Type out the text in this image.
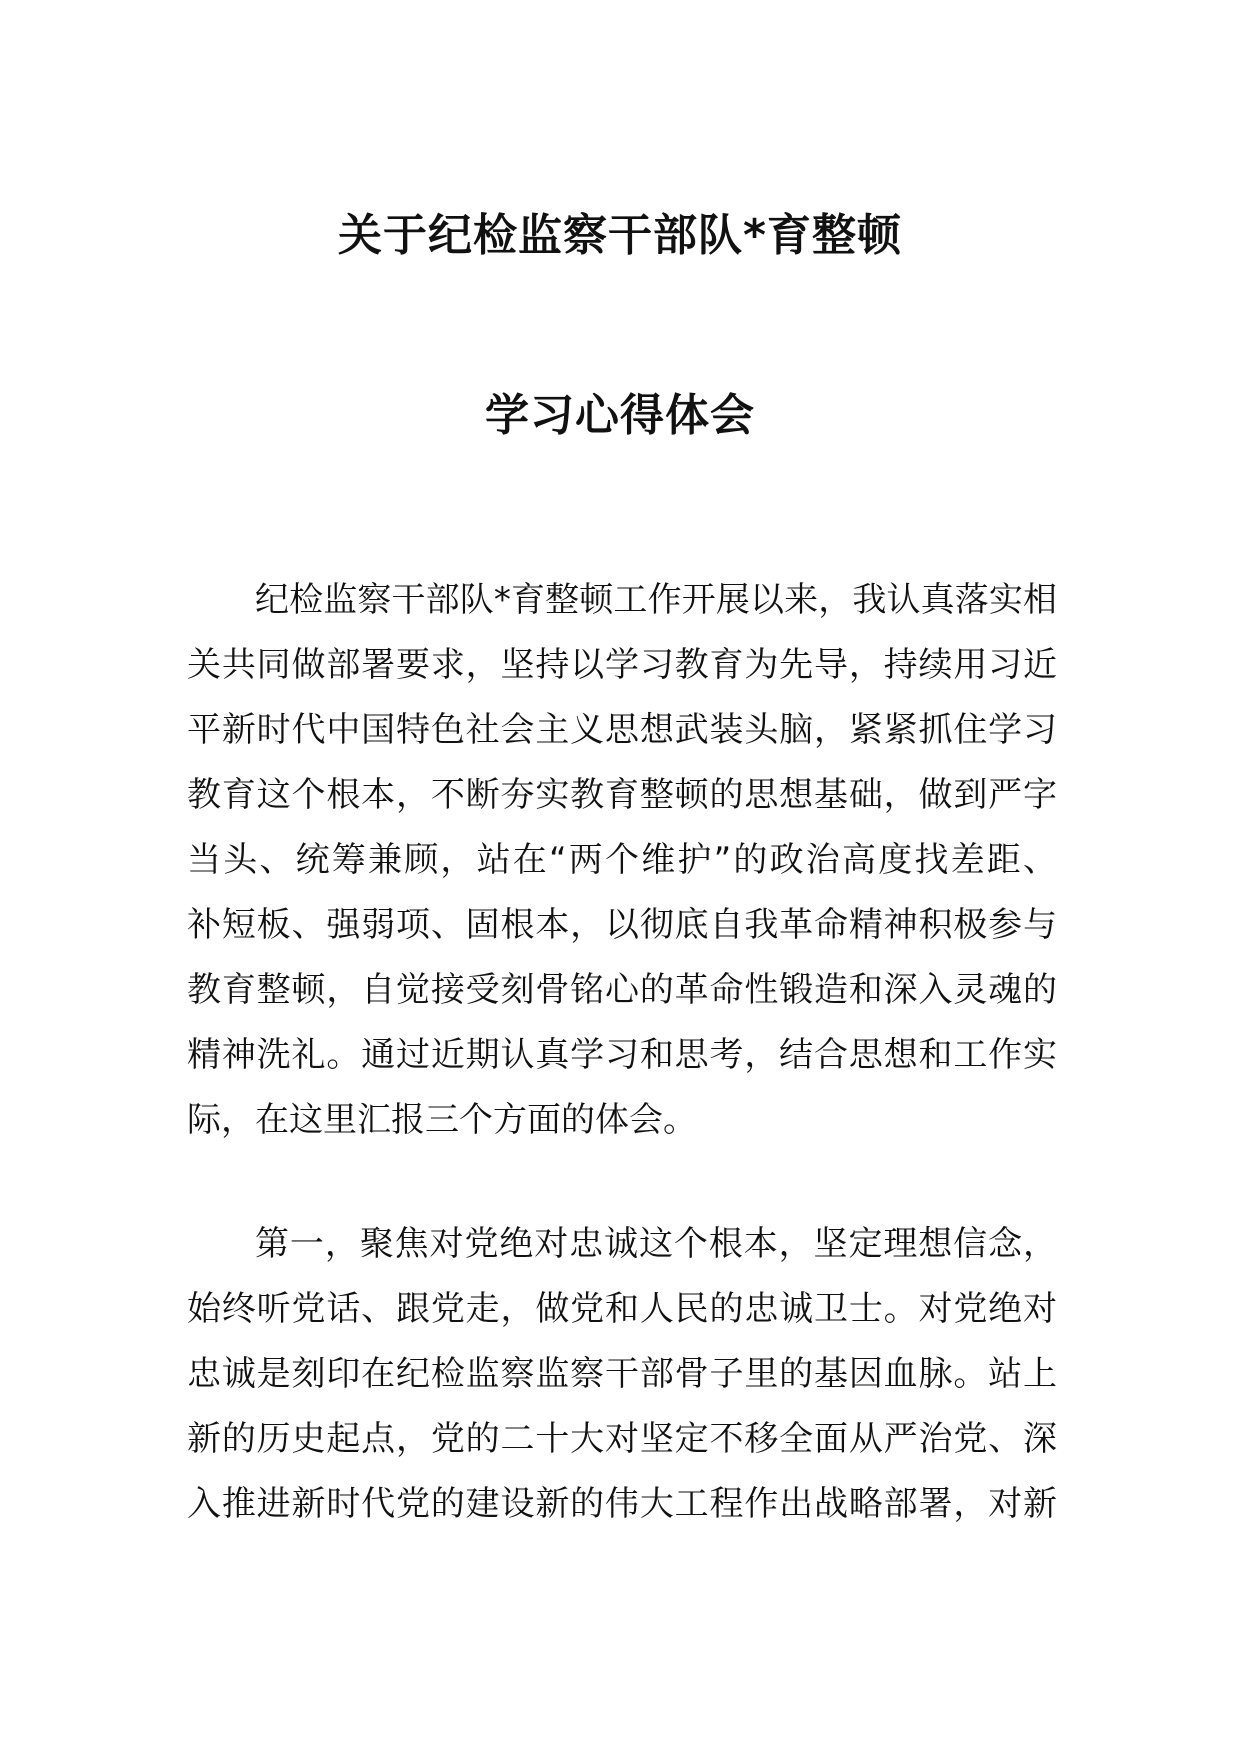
关于纪检监察干部队*育整顿
学习心得体会
纪检监察干部队*育整顿工作开展以来，我认真落实相
关共同做部署要求，坚持以学习教育为先导，持续用习近
平新时代中国特色社会主义思想武装头脑，紧紧抓住学习
教育这个根本，不断夯实教育整顿的思想基础，做到严字
当头、统筹兼顾，站在“两个维护”的政治高度找差距、
补短板、强弱项、固根本，以彻底自我革命精神积极参与
教育整顿，自觉接受刻骨铭心的革命性锻造和深入灵魂的
精神洗礼。通过近期认真学习和思考，结合思想和工作实
际，在这里汇报三个方面的体会。
第一，聚焦对党绝对忠诚这个根本，坚定理想信念，
始终听党话、跟党走，做党和人民的忠诚卫士。对党绝对
忠诚是刻印在纪检监察监察干部骨子里的基因血脉。站上
新的历史起点，党的二十大对坚定不移全面从严治党、深
入推进新时代党的建设新的伟大工程作出战略部署，对新
